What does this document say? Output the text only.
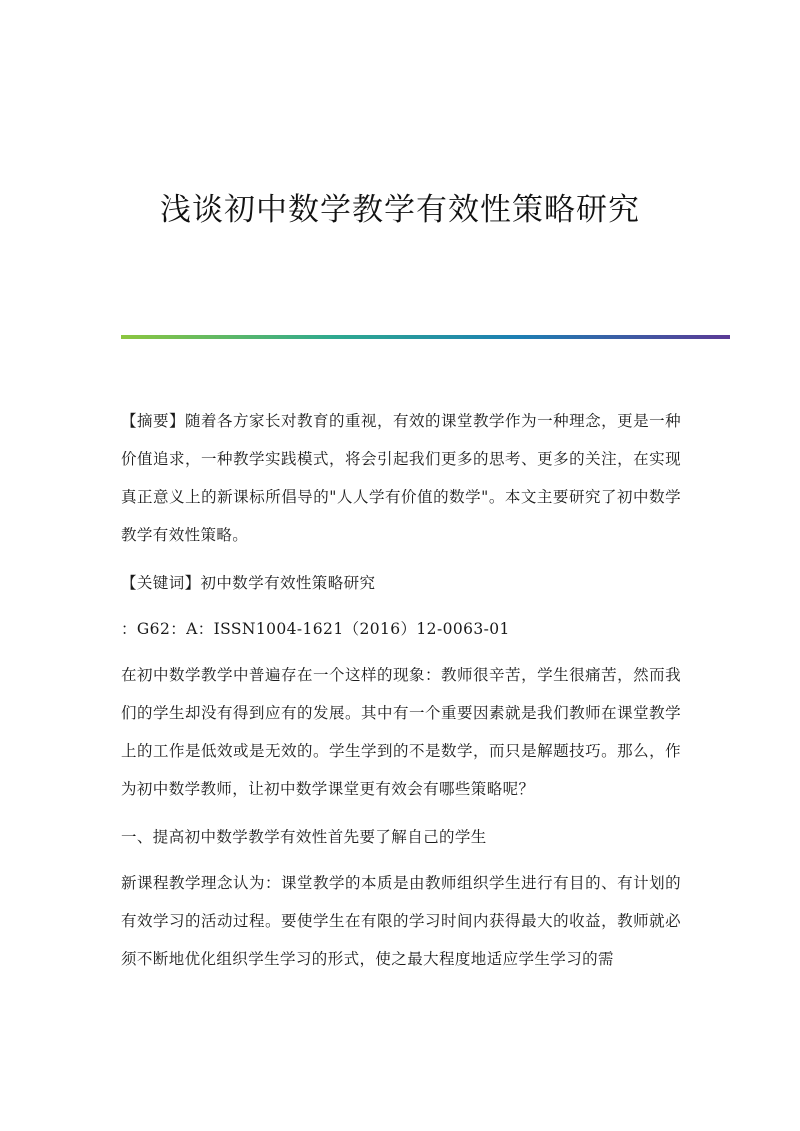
浅谈初中数学教学有效性策略研究

【摘要】随着各方家长对教育的重视，有效的课堂教学作为一种理念，更是一种价值追求，一种教学实践模式，将会引起我们更多的思考、更多的关注，在实现真正意义上的新课标所倡导的"人人学有价值的数学"。本文主要研究了初中数学教学有效性策略。

【关键词】初中数学有效性策略研究

：G62：A：ISSN1004-1621（2016）12-0063-01

在初中数学教学中普遍存在一个这样的现象：教师很辛苦，学生很痛苦，然而我们的学生却没有得到应有的发展。其中有一个重要因素就是我们教师在课堂教学上的工作是低效或是无效的。学生学到的不是数学，而只是解题技巧。那么，作为初中数学教师，让初中数学课堂更有效会有哪些策略呢？

一、提高初中数学教学有效性首先要了解自己的学生

新课程教学理念认为：课堂教学的本质是由教师组织学生进行有目的、有计划的有效学习的活动过程。要使学生在有限的学习时间内获得最大的收益，教师就必须不断地优化组织学生学习的形式，使之最大程度地适应学生学习的需
